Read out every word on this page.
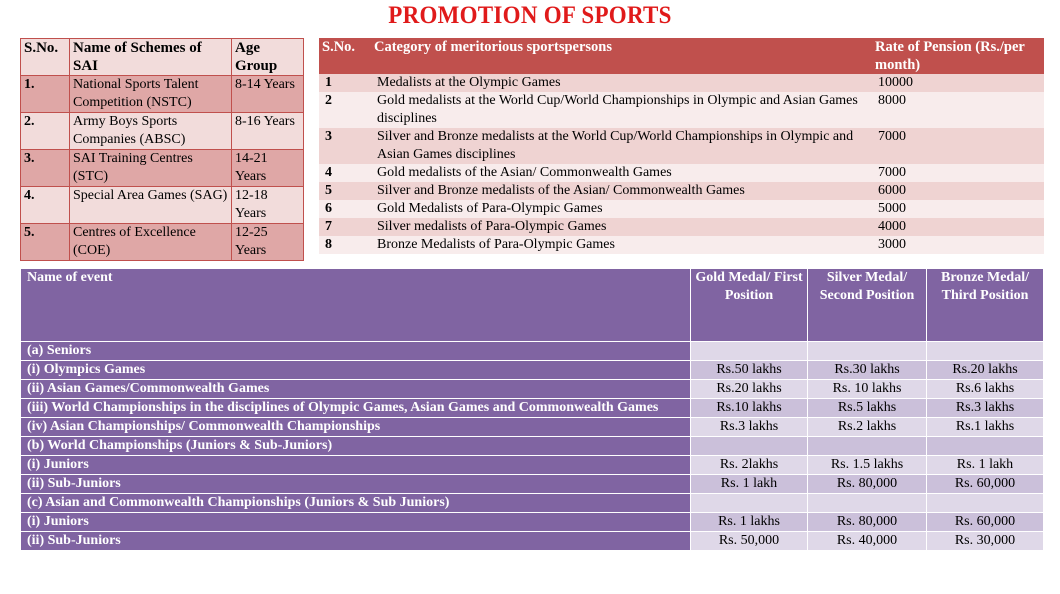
PROMOTION OF SPORTS
S.No.	Name of Schemes of SAI	Age Group
1.	National Sports Talent Competition (NSTC)	8-14 Years
2.	Army Boys Sports Companies (ABSC)	8-16 Years
3.	SAI Training Centres (STC)	14-21 Years
4.	Special Area Games (SAG)	12-18 Years
5.	Centres of Excellence (COE)	12-25 Years
S.No.	Category of meritorious sportspersons	Rate of Pension (Rs./per month)
1	Medalists at the Olympic Games	10000
2	Gold medalists at the World Cup/World Championships in Olympic and Asian Games disciplines	8000
3	Silver and Bronze medalists at the World Cup/World Championships in Olympic and Asian Games disciplines	7000
4	Gold medalists of the Asian/ Commonwealth Games	7000
5	Silver and Bronze medalists of the Asian/ Commonwealth Games	6000
6	Gold Medalists of Para-Olympic Games	5000
7	Silver medalists of Para-Olympic Games	4000
8	Bronze Medalists of Para-Olympic Games	3000
Name of event	Gold Medal/ First Position	Silver Medal/ Second Position	Bronze Medal/ Third Position
(a) Seniors			
(i) Olympics Games	Rs.50 lakhs	Rs.30 lakhs	Rs.20 lakhs
(ii) Asian Games/Commonwealth Games	Rs.20 lakhs	Rs. 10 lakhs	Rs.6 lakhs
(iii) World Championships in the disciplines of Olympic Games, Asian Games and Commonwealth Games	Rs.10 lakhs	Rs.5 lakhs	Rs.3 lakhs
(iv) Asian Championships/ Commonwealth Championships	Rs.3 lakhs	Rs.2 lakhs	Rs.1 lakhs
(b) World Championships (Juniors & Sub-Juniors)			
(i) Juniors	Rs. 2lakhs	Rs. 1.5 lakhs	Rs. 1 lakh
(ii) Sub-Juniors	Rs. 1 lakh	Rs. 80,000	Rs. 60,000
(c) Asian and Commonwealth Championships (Juniors & Sub Juniors)			
(i) Juniors	Rs. 1 lakhs	Rs. 80,000	Rs. 60,000
(ii) Sub-Juniors	Rs. 50,000	Rs. 40,000	Rs. 30,000
